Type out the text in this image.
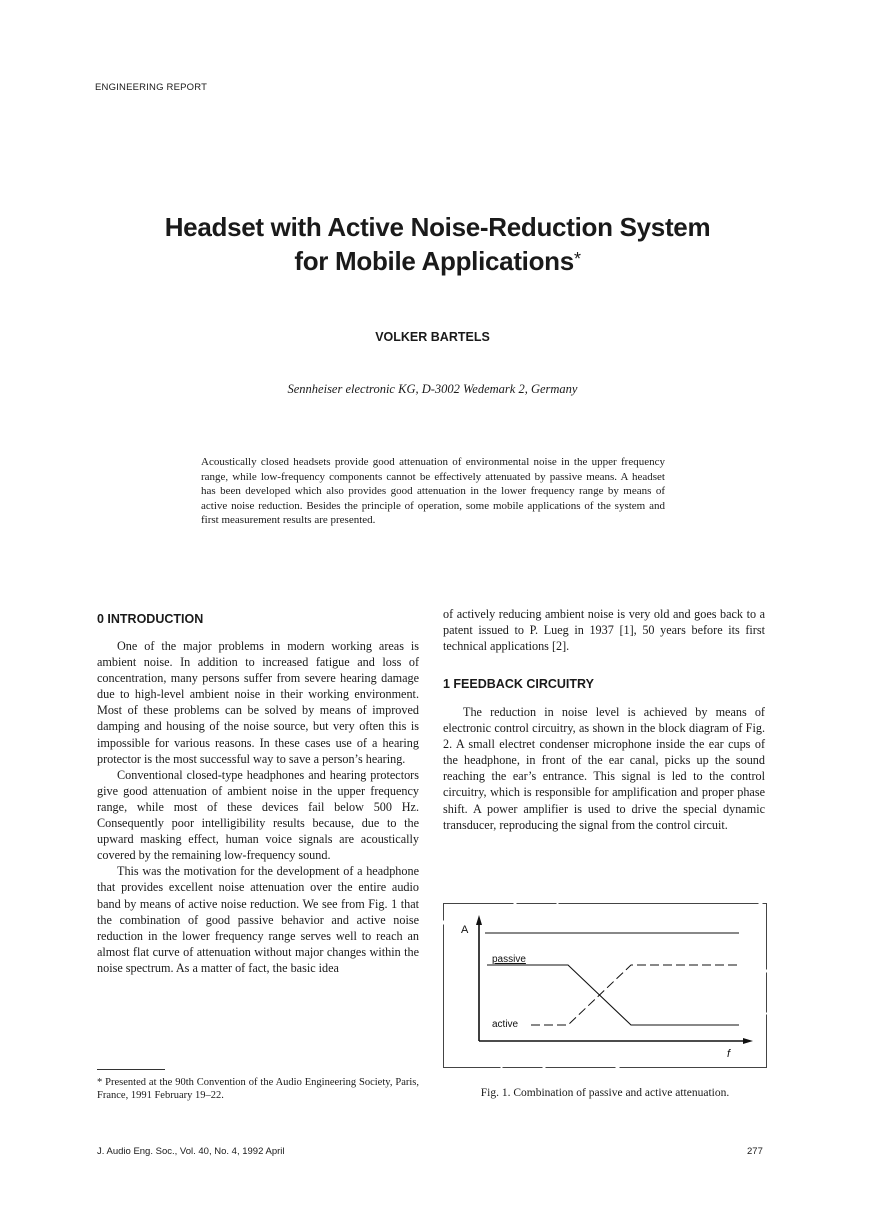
ENGINEERING REPORT
Headset with Active Noise-Reduction System
for Mobile Applications*
VOLKER BARTELS
Sennheiser electronic KG, D-3002 Wedemark 2, Germany
Acoustically closed headsets provide good attenuation of environmental noise in the upper frequency range, while low-frequency components cannot be effectively attenuated by passive means. A headset has been developed which also provides good attenuation in the lower frequency range by means of active noise reduction. Besides the principle of operation, some mobile applications of the system and first measurement results are presented.
0 INTRODUCTION

One of the major problems in modern working areas is ambient noise. In addition to increased fatigue and loss of concentration, many persons suffer from severe hearing damage due to high-level ambient noise in their working environment. Most of these problems can be solved by means of improved damping and housing of the noise source, but very often this is impossible for various reasons. In these cases use of a hearing protector is the most successful way to save a person’s hearing.

Conventional closed-type headphones and hearing protectors give good attenuation of ambient noise in the upper frequency range, while most of these devices fail below 500 Hz. Consequently poor intelligibility results because, due to the upward masking effect, human voice signals are acoustically covered by the remaining low-frequency sound.

This was the motivation for the development of a headphone that provides excellent noise attenuation over the entire audio band by means of active noise reduction. We see from Fig. 1 that the combination of good passive behavior and active noise reduction in the lower frequency range serves well to reach an almost flat curve of attenuation without major changes within the noise spectrum. As a matter of fact, the basic idea

of actively reducing ambient noise is very old and goes back to a patent issued to P. Lueg in 1937 [1], 50 years before its first technical applications [2].

1 FEEDBACK CIRCUITRY

The reduction in noise level is achieved by means of electronic control circuitry, as shown in the block diagram of Fig. 2. A small electret condenser microphone inside the ear cups of the headphone, in front of the ear canal, picks up the sound reaching the ear’s entrance. This signal is led to the control circuitry, which is responsible for amplification and proper phase shift. A power amplifier is used to drive the special dynamic transducer, reproducing the signal from the control circuit.

A
f
passive
active
Fig. 1. Combination of passive and active attenuation.
* Presented at the 90th Convention of the Audio Engineering Society, Paris, France, 1991 February 19–22.
J. Audio Eng. Soc., Vol. 40, No. 4, 1992 April	277
